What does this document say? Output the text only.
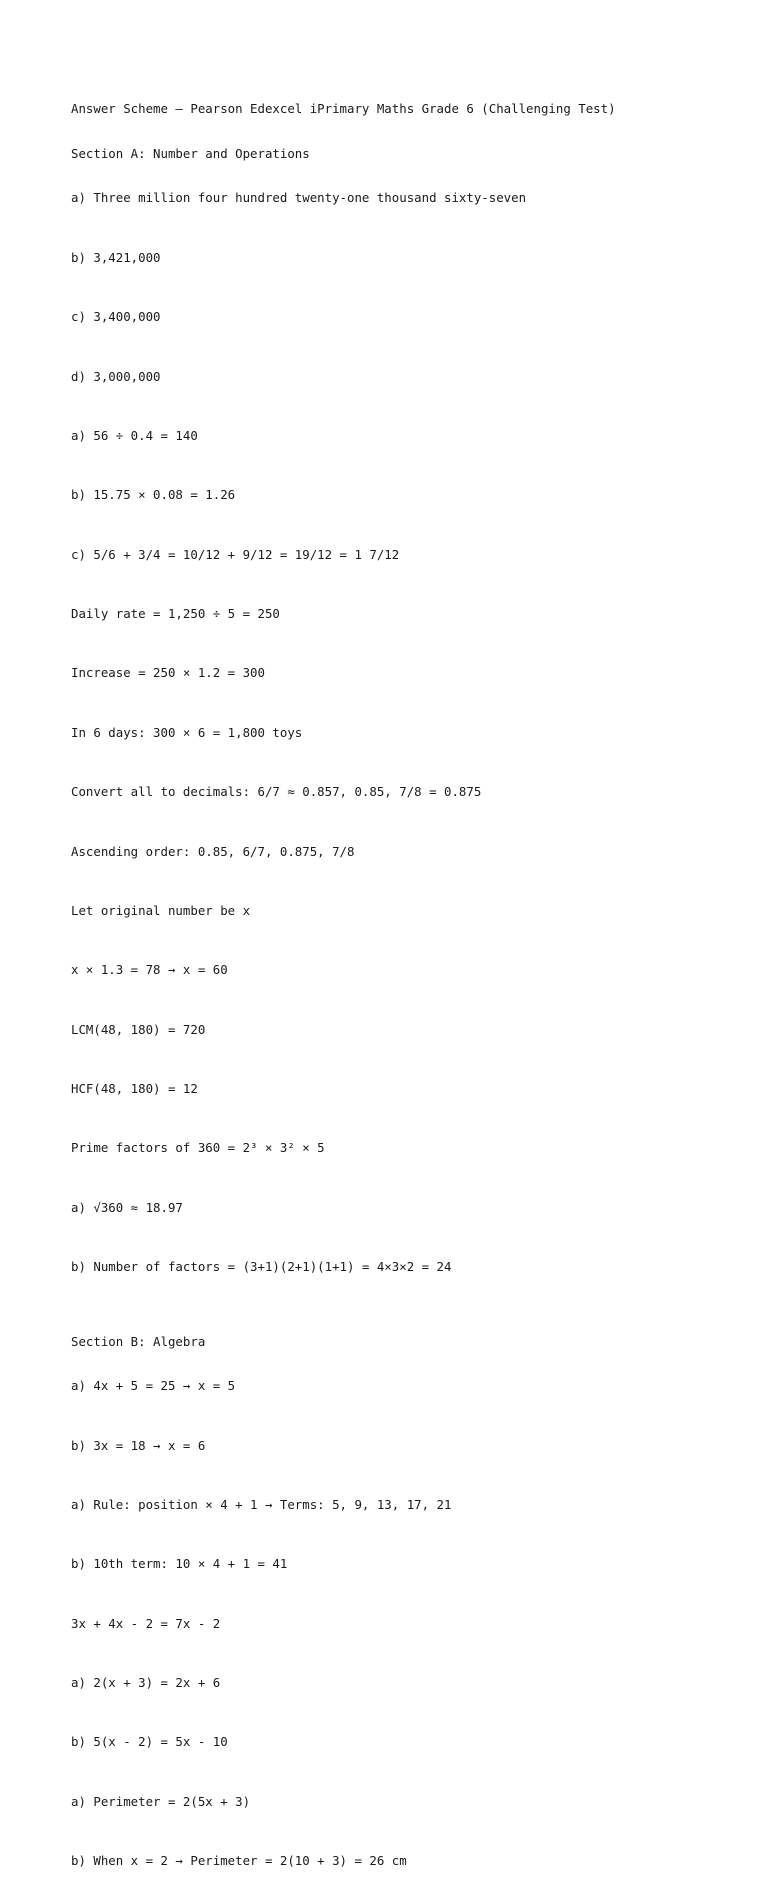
Answer Scheme – Pearson Edexcel iPrimary Maths Grade 6 (Challenging Test)

Section A: Number and Operations

a) Three million four hundred twenty-one thousand sixty-seven

b) 3,421,000

c) 3,400,000

d) 3,000,000

a) 56 ÷ 0.4 = 140

b) 15.75 × 0.08 = 1.26

c) 5/6 + 3/4 = 10/12 + 9/12 = 19/12 = 1 7/12

Daily rate = 1,250 ÷ 5 = 250

Increase = 250 × 1.2 = 300

In 6 days: 300 × 6 = 1,800 toys

Convert all to decimals: 6/7 ≈ 0.857, 0.85, 7/8 = 0.875

Ascending order: 0.85, 6/7, 0.875, 7/8

Let original number be x

x × 1.3 = 78 → x = 60

LCM(48, 180) = 720

HCF(48, 180) = 12

Prime factors of 360 = 2³ × 3² × 5

a) √360 ≈ 18.97

b) Number of factors = (3+1)(2+1)(1+1) = 4×3×2 = 24

Section B: Algebra

a) 4x + 5 = 25 → x = 5

b) 3x = 18 → x = 6

a) Rule: position × 4 + 1 → Terms: 5, 9, 13, 17, 21

b) 10th term: 10 × 4 + 1 = 41

3x + 4x - 2 = 7x - 2

a) 2(x + 3) = 2x + 6

b) 5(x - 2) = 5x - 10

a) Perimeter = 2(5x + 3)

b) When x = 2 → Perimeter = 2(10 + 3) = 26 cm
